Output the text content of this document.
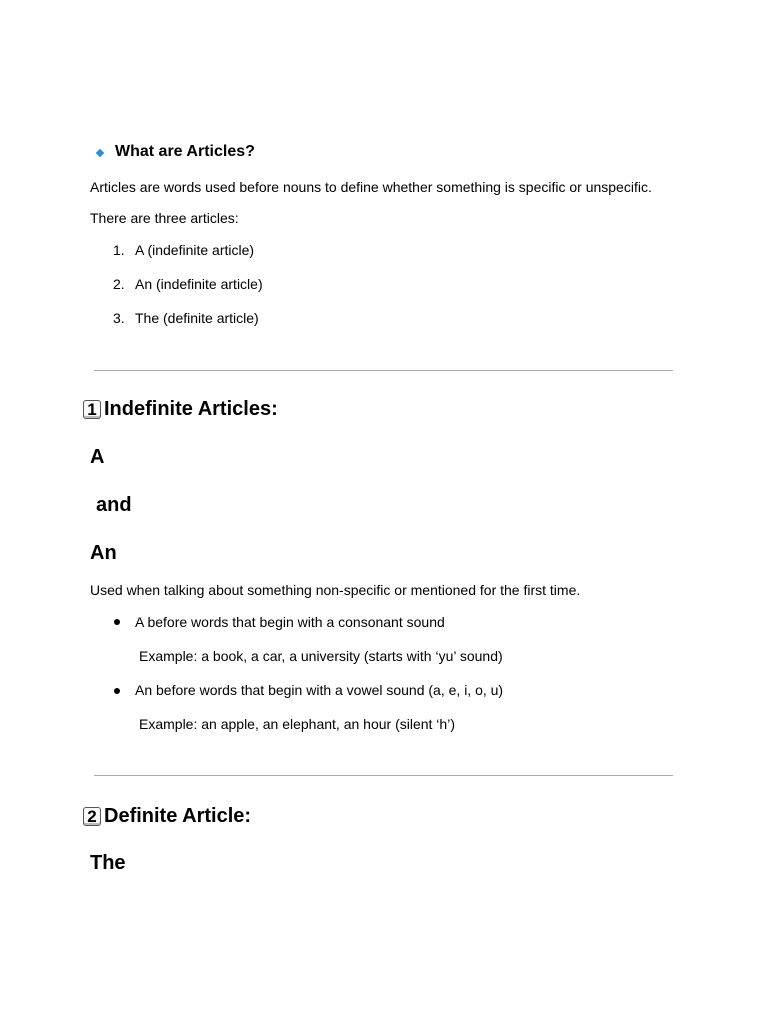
What are Articles?
Articles are words used before nouns to define whether something is specific or unspecific.
There are three articles:
1. A (indefinite article)
2. An (indefinite article)
3. The (definite article)
1 Indefinite Articles:
A
and
An
Used when talking about something non-specific or mentioned for the first time.
A before words that begin with a consonant sound
Example: a book, a car, a university (starts with ‘yu’ sound)
An before words that begin with a vowel sound (a, e, i, o, u)
Example: an apple, an elephant, an hour (silent ‘h’)
2 Definite Article:
The
